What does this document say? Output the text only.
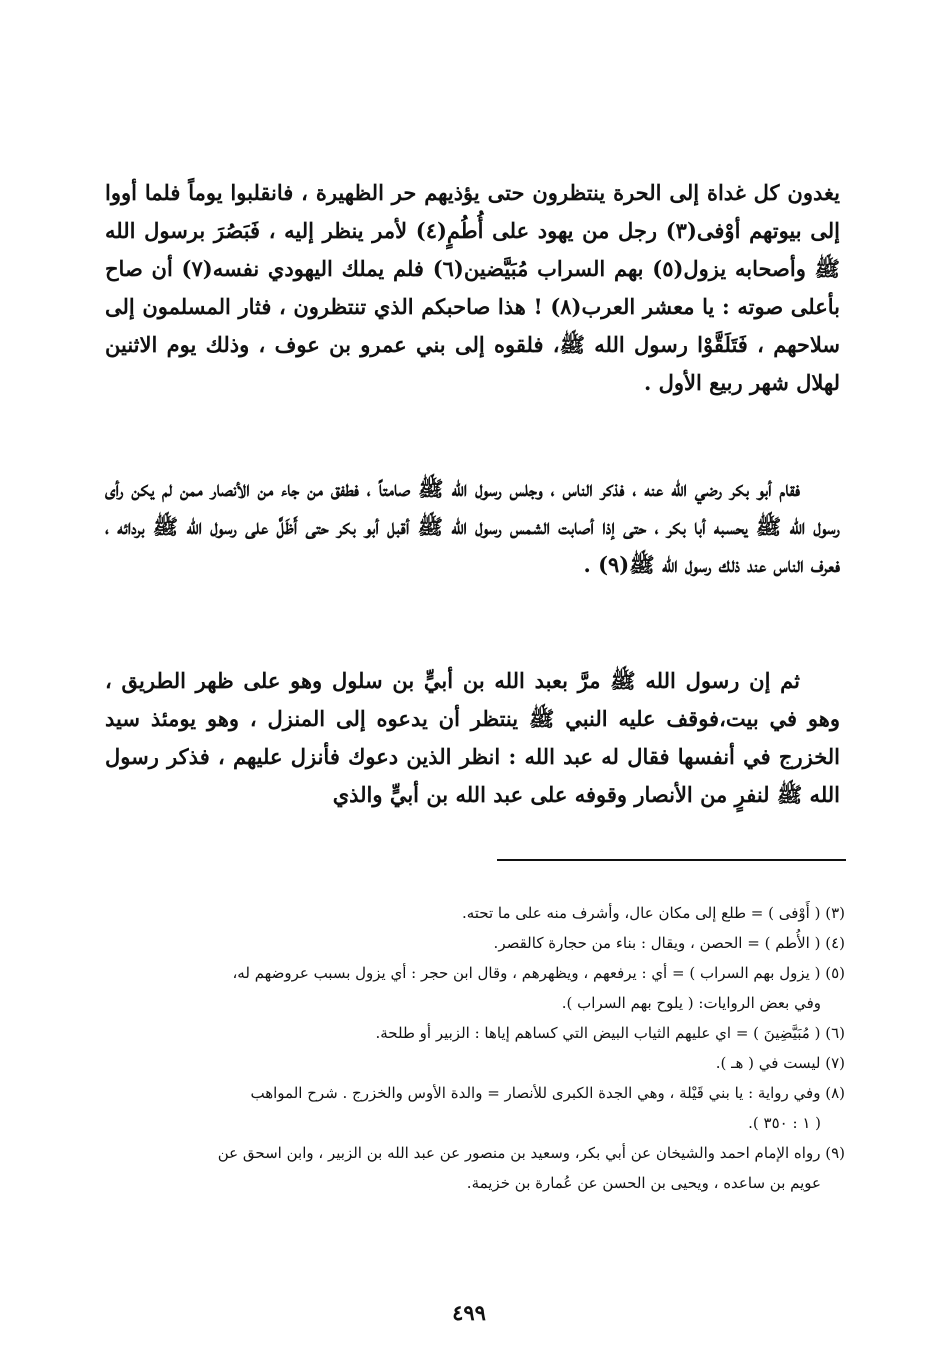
يغدون كل غداة إلى الحرة ينتظرون حتى يؤذيهم حر الظهيرة ، فانقلبوا يوماً فلما أووا إلى بيوتهم أوْفى(٣) رجل من يهود على أُطُمٍ(٤) لأمر ينظر إليه ، فَبَصُرَ برسول الله ﷺ وأصحابه يزول(٥) بهم السراب مُبَيَّضين(٦) فلم يملك اليهودي نفسه(٧) أن صاح بأعلى صوته : يا معشر العرب(٨) ! هذا صاحبكم الذي تنتظرون ، فثار المسلمون إلى سلاحهم ، فَتَلَقَّوْا رسول الله ﷺ، فلقوه إلى بني عمرو بن عوف ، وذلك يوم الاثنين لهلال شهر ربيع الأول .

فقام أبو بكر رضي الله عنه ، فذكر الناس ، وجلس رسول الله ﷺ صامتاً ، فطفق من جاء من الأنصار ممن لم يكن رأى رسول الله ﷺ يحسبه أبا بكر ، حتى إذا أصابت الشمس رسول الله ﷺ أقبل أبو بكر حتى أَظَلَّ على رسول الله ﷺ بردائه ، فعرف الناس عند ذلك رسول الله ﷺ(٩) .

ثم إن رسول الله ﷺ مرَّ بعبد الله بن أبيٍّ بن سلول وهو على ظهر الطريق ، وهو في بيت،فوقف عليه النبي ﷺ ينتظر أن يدعوه إلى المنزل ، وهو يومئذ سيد الخزرج في أنفسها فقال له عبد الله : انظر الذين دعوك فأنزل عليهم ، فذكر رسول الله ﷺ لنفرٍ من الأنصار وقوفه على عبد الله بن أبيٍّ والذي

(٣) ( أَوْفى ) = طلع إلى مكان عال، وأشرف منه على ما تحته.

(٤) ( الأُطم ) = الحصن ، ويقال : بناء من حجارة كالقصر.

(٥) ( يزول بهم السراب ) = أي : يرفعهم ، ويظهرهم ، وقال ابن حجر : أي يزول بسبب عروضهم له،

وفي بعض الروايات: ( يلوح بهم السراب ).

(٦) ( مُبَيَّضِينَ ) = اي عليهم الثياب البيض التي كساهم إياها : الزبير أو طلحة.

(٧) ليست في ( هـ ).

(٨) وفي رواية : يا بني قَيْلة ، وهي الجدة الكبرى للأنصار = والدة الأوس والخزرج . شرح المواهب

( ١ : ٣٥٠ ).

(٩) رواه الإمام احمد والشيخان عن أبي بكر، وسعيد بن منصور عن عبد الله بن الزبير ، وابن اسحق عن

عويم بن ساعده ، ويحيى بن الحسن عن عُمارة بن خزيمة.

٤٩٩
